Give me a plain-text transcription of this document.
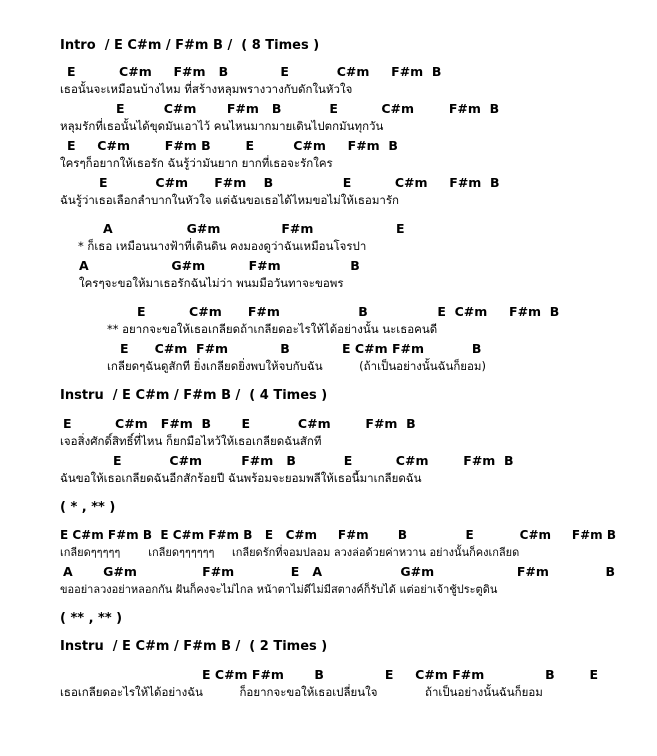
Intro  / E C#m / F#m B /  ( 8 Times )
E          C#m     F#m   B            E           C#m     F#m  B
เธอนั้นจะเหมือนบ้างไหม ที่สร้างหลุมพรางวางกับดักในหัวใจ
E         C#m       F#m   B           E          C#m        F#m  B
หลุมรักที่เธอนั้นได้ขุดมันเอาไว้ คนไหนมากมายเดินไปตกมันทุกวัน
E     C#m        F#m B        E         C#m     F#m  B
ใครๆก็อยากให้เธอรัก ฉันรู้ว่ามันยาก ยากที่เธอจะรักใคร
E           C#m      F#m    B                E          C#m     F#m  B
ฉันรู้ว่าเธอเลือกลำบากในหัวใจ แต่ฉันขอเธอได้ไหมขอไม่ให้เธอมารัก
A                 G#m              F#m                   E
* ก็เธอ เหมือนนางฟ้าที่เดินดิน คงมองดูว่าฉันเหมือนโจรปา
A                   G#m          F#m                B
ใครๆจะขอให้มาเธอรักฉันไม่ว่า พนมมือวันทาจะขอพร
E          C#m      F#m                  B                E  C#m     F#m  B
** อยากจะขอให้เธอเกลียดถ้าเกลียดอะไรให้ได้อย่างนั้น นะเธอคนดี
E      C#m  F#m            B            E C#m F#m           B
เกลียดๆฉันดูสักที ยิ่งเกลียดยิ่งพบให้จบกับฉัน          (ถ้าเป็นอย่างนั้นฉันก็ยอม)
Instru  / E C#m / F#m B /  ( 4 Times )
E          C#m   F#m  B       E           C#m        F#m  B
เจอสิ่งศักดิ์สิทธิ์ที่ไหน ก็ยกมือไหว้ให้เธอเกลียดฉันสักที
E           C#m         F#m   B           E          C#m        F#m  B
ฉันขอให้เธอเกลียดฉันอีกสักร้อยปี ฉันพร้อมจะยอมพลีให้เธอนี้มาเกลียดฉัน
( * , ** )
E C#m F#m B  E C#m F#m B   E   C#m     F#m       B              E           C#m     F#m B
เกลียดๆๆๆๆๆ        เกลียดๆๆๆๆๆๆ     เกลียดรักที่จอมปลอม ลวงล่อด้วยค่าหวาน อย่างนั้นก็คงเกลียด
A       G#m               F#m             E   A                  G#m                   F#m             B
ขออย่าลวงอย่าหลอกกัน ฝันก็คงจะไม่ไกล หน้าตาไม่ดีไม่มีสตางค์ก็รับได้ แต่อย่าเจ้าชู้ประตูดิน
( ** , ** )
Instru  / E C#m / F#m B /  ( 2 Times )
E C#m F#m       B              E     C#m F#m              B        E
เธอเกลียดอะไรให้ได้อย่างฉัน          ก็อยากจะขอให้เธอเปลี่ยนใจ             ถ้าเป็นอย่างนั้นฉันก็ยอม
